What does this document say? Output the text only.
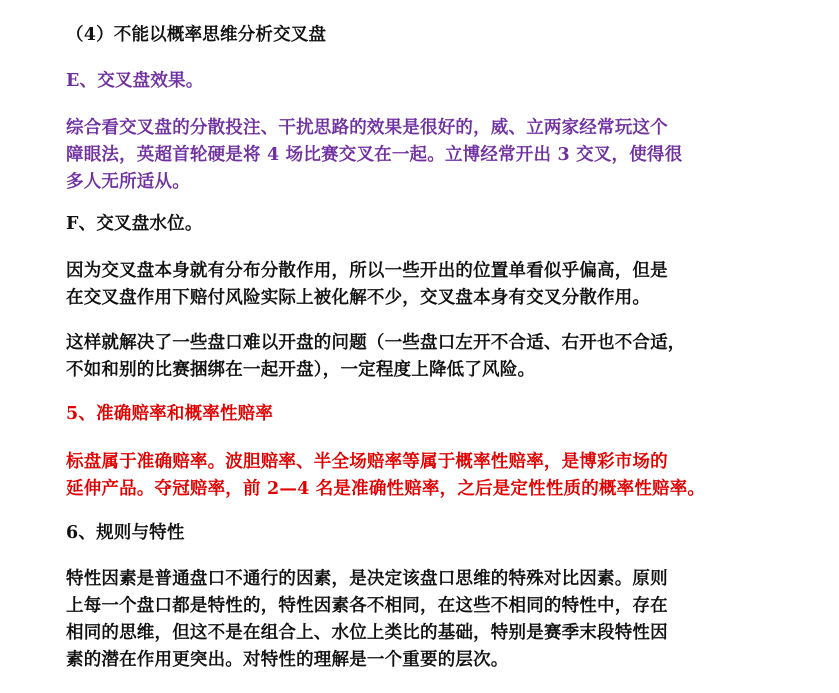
（4）不能以概率思维分析交叉盘

E、交叉盘效果。

综合看交叉盘的分散投注、干扰思路的效果是很好的，威、立两家经常玩这个
障眼法，英超首轮硬是将 4 场比赛交叉在一起。立博经常开出 3 交叉，使得很
多人无所适从。

F、交叉盘水位。

因为交叉盘本身就有分布分散作用，所以一些开出的位置单看似乎偏高，但是
在交叉盘作用下赔付风险实际上被化解不少，交叉盘本身有交叉分散作用。
这样就解决了一些盘口难以开盘的问题（一些盘口左开不合适、右开也不合适，
不如和别的比赛捆绑在一起开盘），一定程度上降低了风险。

5、准确赔率和概率性赔率

标盘属于准确赔率。波胆赔率、半全场赔率等属于概率性赔率，是博彩市场的
延伸产品。夺冠赔率，前 2—4 名是准确性赔率，之后是定性性质的概率性赔率。

6、规则与特性

特性因素是普通盘口不通行的因素，是决定该盘口思维的特殊对比因素。原则
上每一个盘口都是特性的，特性因素各不相同，在这些不相同的特性中，存在
相同的思维，但这不是在组合上、水位上类比的基础，特别是赛季末段特性因
素的潜在作用更突出。对特性的理解是一个重要的层次。
